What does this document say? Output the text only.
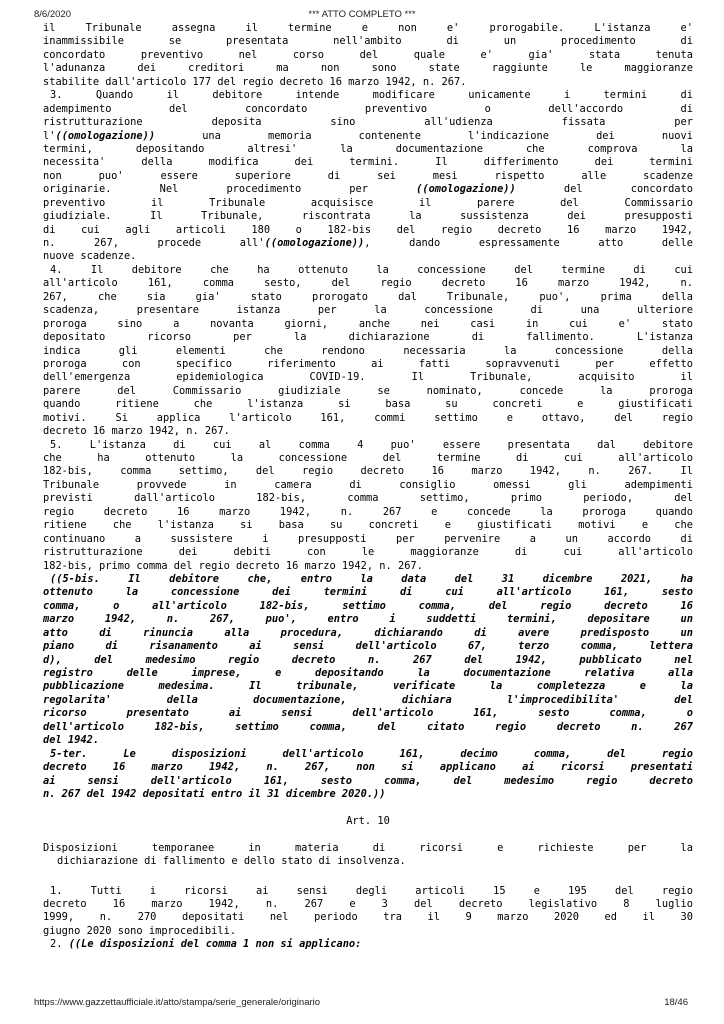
8/6/2020	*** ATTO COMPLETO ***
il Tribunale assegna il termine e non e' prorogabile. L'istanza e'
inammissibile se presentata nell'ambito di un procedimento di
concordato preventivo nel corso del quale e' gia' stata tenuta
l'adunanza dei creditori ma non sono state raggiunte le maggioranze
stabilite dall'articolo 177 del regio decreto 16 marzo 1942, n. 267.
3. Quando il debitore intende modificare unicamente i termini di
adempimento del concordato preventivo o dell'accordo di
ristrutturazione deposita sino all'udienza fissata per
l'((omologazione)) una memoria contenente l'indicazione dei nuovi
termini, depositando altresi' la documentazione che comprova la
necessita' della modifica dei termini. Il differimento dei termini
non puo' essere superiore di sei mesi rispetto alle scadenze
originarie. Nel procedimento per ((omologazione)) del concordato
preventivo il Tribunale acquisisce il parere del Commissario
giudiziale. Il Tribunale, riscontrata la sussistenza dei presupposti
di cui agli articoli 180 o 182-bis del regio decreto 16 marzo 1942,
n. 267, procede all'((omologazione)), dando espressamente atto delle
nuove scadenze.
4. Il debitore che ha ottenuto la concessione del termine di cui
all'articolo 161, comma sesto, del regio decreto 16 marzo 1942, n.
267, che sia gia' stato prorogato dal Tribunale, puo', prima della
scadenza, presentare istanza per la concessione di una ulteriore
proroga sino a novanta giorni, anche nei casi in cui e' stato
depositato ricorso per la dichiarazione di fallimento. L'istanza
indica gli elementi che rendono necessaria la concessione della
proroga con specifico riferimento ai fatti sopravvenuti per effetto
dell'emergenza epidemiologica COVID-19. Il Tribunale, acquisito il
parere del Commissario giudiziale se nominato, concede la proroga
quando ritiene che l'istanza si basa su concreti e giustificati
motivi. Si applica l'articolo 161, commi settimo e ottavo, del regio
decreto 16 marzo 1942, n. 267.
5. L'istanza di cui al comma 4 puo' essere presentata dal debitore
che ha ottenuto la concessione del termine di cui all'articolo
182-bis, comma settimo, del regio decreto 16 marzo 1942, n. 267. Il
Tribunale provvede in camera di consiglio omessi gli adempimenti
previsti dall'articolo 182-bis, comma settimo, primo periodo, del
regio decreto 16 marzo 1942, n. 267 e concede la proroga quando
ritiene che l'istanza si basa su concreti e giustificati motivi e che
continuano a sussistere i presupposti per pervenire a un accordo di
ristrutturazione dei debiti con le maggioranze di cui all'articolo
182-bis, primo comma del regio decreto 16 marzo 1942, n. 267.
((5-bis. Il debitore che, entro la data del 31 dicembre 2021, ha
ottenuto la concessione dei termini di cui all'articolo 161, sesto
comma, o all'articolo 182-bis, settimo comma, del regio decreto 16
marzo 1942, n. 267, puo', entro i suddetti termini, depositare un
atto di rinuncia alla procedura, dichiarando di avere predisposto un
piano di risanamento ai sensi dell'articolo 67, terzo comma, lettera
d), del medesimo regio decreto n. 267 del 1942, pubblicato nel
registro delle imprese, e depositando la documentazione relativa alla
pubblicazione medesima. Il tribunale, verificate la completezza e la
regolarita' della documentazione, dichiara l'improcedibilita' del
ricorso presentato ai sensi dell'articolo 161, sesto comma, o
dell'articolo 182-bis, settimo comma, del citato regio decreto n. 267
del 1942.
5-ter. Le disposizioni dell'articolo 161, decimo comma, del regio
decreto 16 marzo 1942, n. 267, non si applicano ai ricorsi presentati
ai sensi dell'articolo 161, sesto comma, del medesimo regio decreto
n. 267 del 1942 depositati entro il 31 dicembre 2020.))
Art. 10
Disposizioni temporanee in materia di ricorsi e richieste per la
dichiarazione di fallimento e dello stato di insolvenza.
1. Tutti i ricorsi ai sensi degli articoli 15 e 195 del regio
decreto 16 marzo 1942, n. 267 e 3 del decreto legislativo 8 luglio
1999, n. 270 depositati nel periodo tra il 9 marzo 2020 ed il 30
giugno 2020 sono improcedibili.
2. ((Le disposizioni del comma 1 non si applicano:
https://www.gazzettaufficiale.it/atto/stampa/serie_generale/originario	18/46
